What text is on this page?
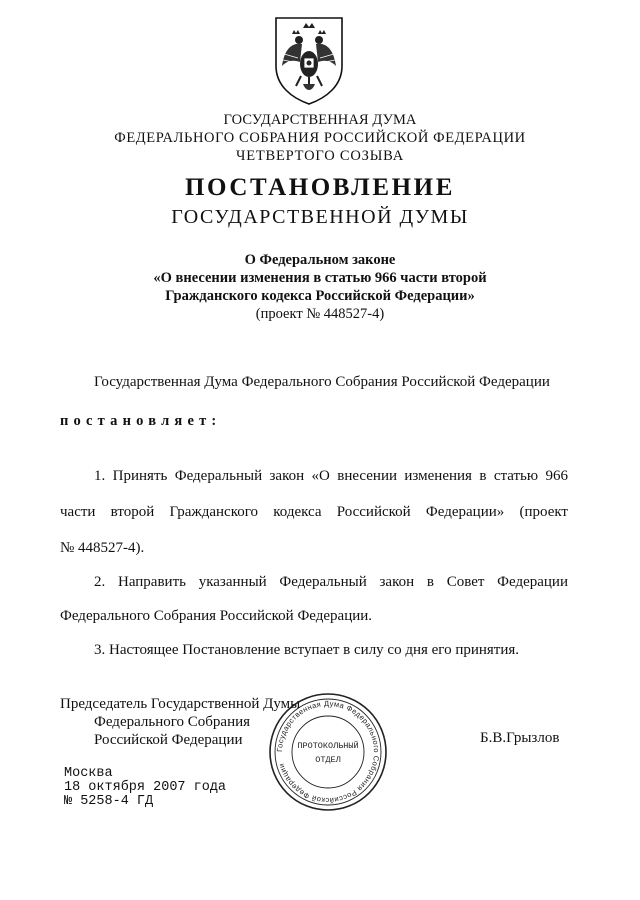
ГОСУДАРСТВЕННАЯ ДУМА
ФЕДЕРАЛЬНОГО СОБРАНИЯ РОССИЙСКОЙ ФЕДЕРАЦИИ
ЧЕТВЕРТОГО СОЗЫВА
ПОСТАНОВЛЕНИЕ
ГОСУДАРСТВЕННОЙ ДУМЫ
О Федеральном законе
«О внесении изменения в статью 966 части второй
Гражданского кодекса Российской Федерации»
(проект № 448527-4)
Государственная Дума Федерального Собрания Российской Федерации
постановляет:
1. Принять Федеральный закон «О внесении изменения в статью 966
части второй Гражданского кодекса Российской Федерации» (проект
№ 448527-4).
2. Направить указанный Федеральный закон в Совет Федерации
Федерального Собрания Российской Федерации.
3. Настоящее Постановление вступает в силу со дня его принятия.
Председатель Государственной Думы
Федерального Собрания
Российской Федерации	Б.В.Грызлов
Государственная Дума Федерального Собрания Российской Федерации
ПРОТОКОЛЬНЫЙ
ОТДЕЛ
Москва
18 октября 2007 года
№ 5258-4 ГД
